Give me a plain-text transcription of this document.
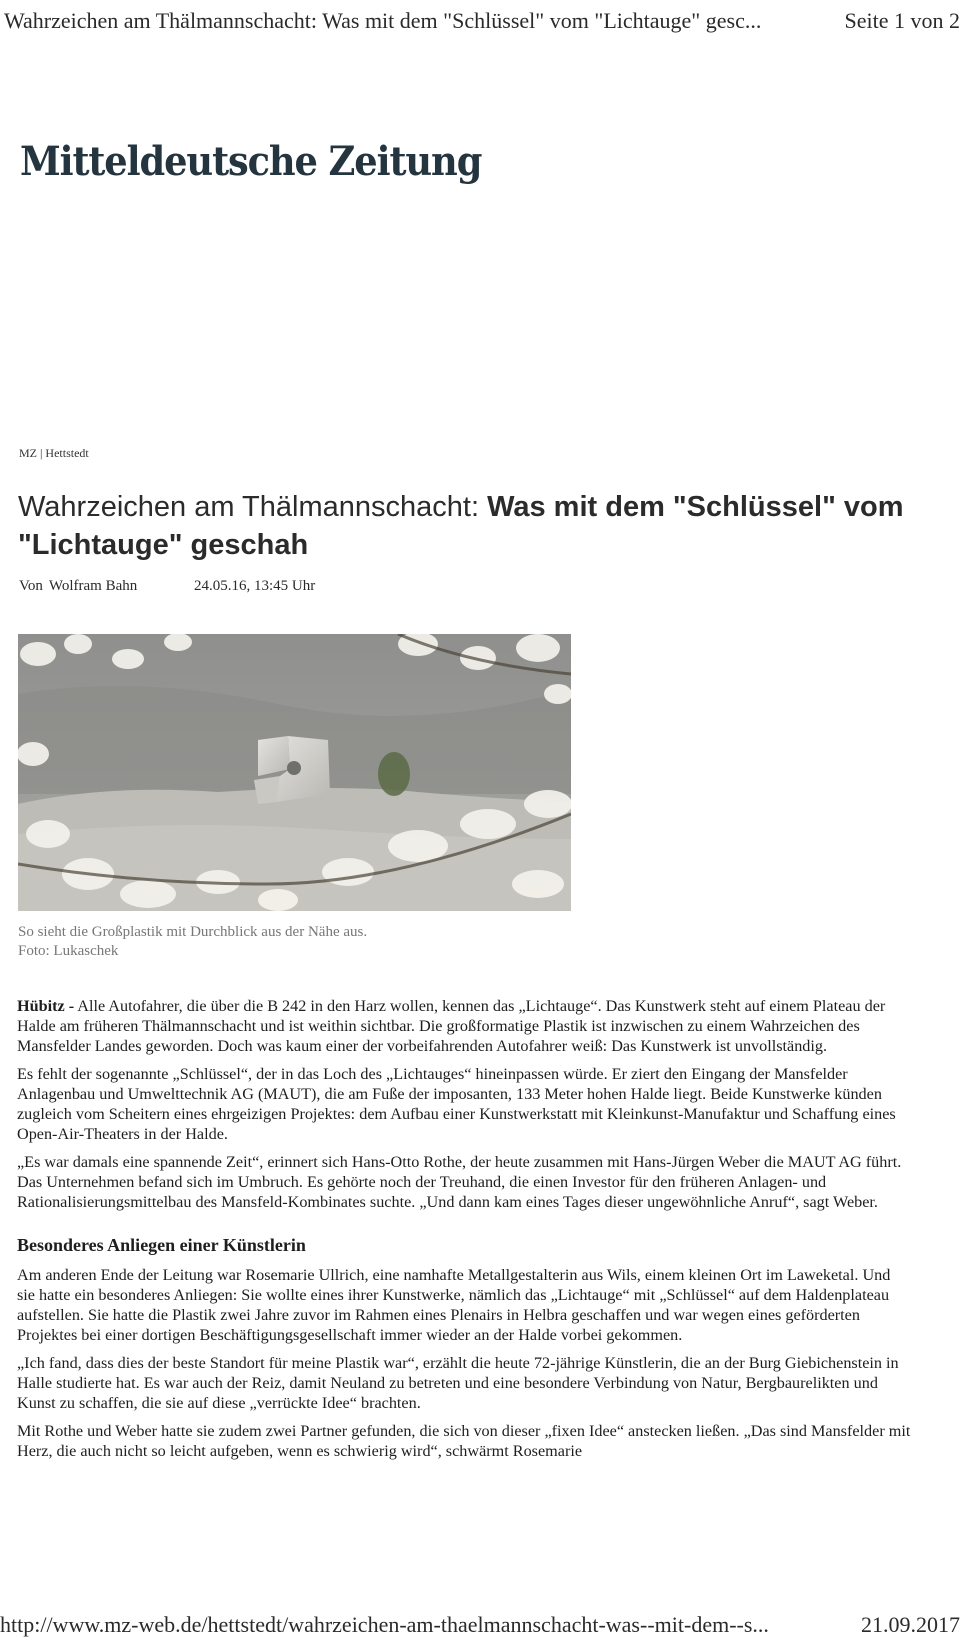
Wahrzeichen am Thälmannschacht: Was mit dem "Schlüssel" vom "Lichtauge" gesc...	Seite 1 von 2
Mitteldeutsche Zeitung
MZ | Hettstedt
Wahrzeichen am Thälmannschacht: Was mit dem "Schlüssel" vom "Lichtauge" geschah
Von Wolfram Bahn	24.05.16, 13:45 Uhr
So sieht die Großplastik mit Durchblick aus der Nähe aus.
Foto: Lukaschek

Hübitz - Alle Autofahrer, die über die B 242 in den Harz wollen, kennen das „Lichtauge“. Das Kunstwerk steht auf einem Plateau der Halde am früheren Thälmannschacht und ist weithin sichtbar. Die großformatige Plastik ist inzwischen zu einem Wahrzeichen des Mansfelder Landes geworden. Doch was kaum einer der vorbeifahrenden Autofahrer weiß: Das Kunstwerk ist unvollständig.

Es fehlt der sogenannte „Schlüssel“, der in das Loch des „Lichtauges“ hineinpassen würde. Er ziert den Eingang der Mansfelder Anlagenbau und Umwelttechnik AG (MAUT), die am Fuße der imposanten, 133 Meter hohen Halde liegt. Beide Kunstwerke künden zugleich vom Scheitern eines ehrgeizigen Projektes: dem Aufbau einer Kunstwerkstatt mit Kleinkunst-Manufaktur und Schaffung eines Open-Air-Theaters in der Halde.

„Es war damals eine spannende Zeit“, erinnert sich Hans-Otto Rothe, der heute zusammen mit Hans-Jürgen Weber die MAUT AG führt. Das Unternehmen befand sich im Umbruch. Es gehörte noch der Treuhand, die einen Investor für den früheren Anlagen- und Rationalisierungsmittelbau des Mansfeld-Kombinates suchte. „Und dann kam eines Tages dieser ungewöhnliche Anruf“, sagt Weber.

Besonderes Anliegen einer Künstlerin

Am anderen Ende der Leitung war Rosemarie Ullrich, eine namhafte Metallgestalterin aus Wils, einem kleinen Ort im Laweketal. Und sie hatte ein besonderes Anliegen: Sie wollte eines ihrer Kunstwerke, nämlich das „Lichtauge“ mit „Schlüssel“ auf dem Haldenplateau aufstellen. Sie hatte die Plastik zwei Jahre zuvor im Rahmen eines Plenairs in Helbra geschaffen und war wegen eines geförderten Projektes bei einer dortigen Beschäftigungsgesellschaft immer wieder an der Halde vorbei gekommen.

„Ich fand, dass dies der beste Standort für meine Plastik war“, erzählt die heute 72-jährige Künstlerin, die an der Burg Giebichenstein in Halle studierte hat. Es war auch der Reiz, damit Neuland zu betreten und eine besondere Verbindung von Natur, Bergbaurelikten und Kunst zu schaffen, die sie auf diese „verrückte Idee“ brachten.

Mit Rothe und Weber hatte sie zudem zwei Partner gefunden, die sich von dieser „fixen Idee“ anstecken ließen. „Das sind Mansfelder mit Herz, die auch nicht so leicht aufgeben, wenn es schwierig wird“, schwärmt Rosemarie

http://www.mz-web.de/hettstedt/wahrzeichen-am-thaelmannschacht-was--mit-dem--s...	21.09.2017
